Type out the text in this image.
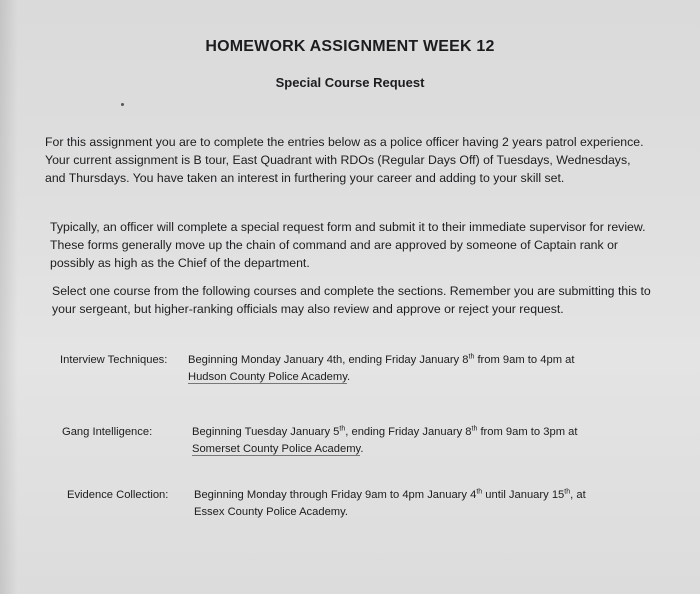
HOMEWORK ASSIGNMENT WEEK 12
Special Course Request
For this assignment you are to complete the entries below as a police officer having 2 years patrol experience. Your current assignment is B tour, East Quadrant with RDOs (Regular Days Off) of Tuesdays, Wednesdays, and Thursdays. You have taken an interest in furthering your career and adding to your skill set.
Typically, an officer will complete a special request form and submit it to their immediate supervisor for review. These forms generally move up the chain of command and are approved by someone of Captain rank or possibly as high as the Chief of the department.
Select one course from the following courses and complete the sections. Remember you are submitting this to your sergeant, but higher-ranking officials may also review and approve or reject your request.
Interview Techniques: Beginning Monday January 4th, ending Friday January 8th from 9am to 4pm at
Hudson County Police Academy.
Gang Intelligence:	Beginning Tuesday January 5th, ending Friday January 8th from 9am to 3pm at
Somerset County Police Academy.
Evidence Collection: Beginning Monday through Friday 9am to 4pm January 4th until January 15th, at
Essex County Police Academy.
